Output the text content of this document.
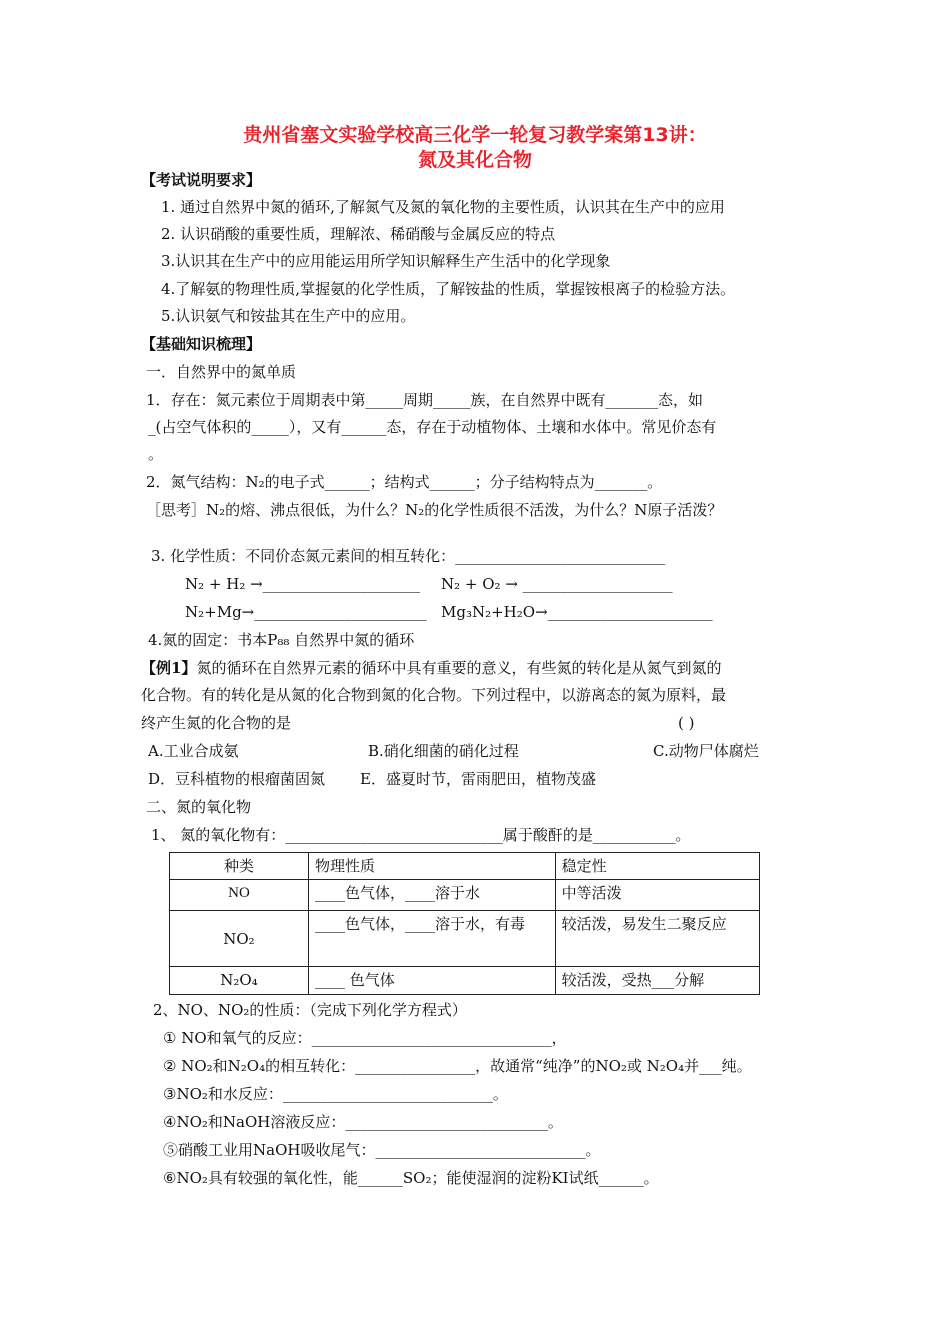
贵州省塞文实验学校高三化学一轮复习教学案第13讲：
氮及其化合物
【考试说明要求】
1. 通过自然界中氮的循环,了解氮气及氮的氧化物的主要性质，认识其在生产中的应用
2. 认识硝酸的重要性质，理解浓、稀硝酸与金属反应的特点
3.认识其在生产中的应用能运用所学知识解释生产生活中的化学现象
4.了解氨的物理性质,掌握氨的化学性质，了解铵盐的性质，掌握铵根离子的检验方法。
5.认识氨气和铵盐其在生产中的应用。
【基础知识梳理】
一．自然界中的氮单质
1．存在：氮元素位于周期表中第_____周期_____族，在自然界中既有_______态，如
_(占空气体积的_____），又有______态，存在于动植物体、土壤和水体中。常见价态有
。
2．氮气结构：N₂的电子式______；结构式______；分子结构特点为_______。
［思考］N₂的熔、沸点很低，为什么？N₂的化学性质很不活泼，为什么？N原子活泼？
3. 化学性质：不同价态氮元素间的相互转化：____________________________
N₂ + H₂ →_____________________ N₂ + O₂ → ____________________
N₂+Mg→_______________________ Mg₃N₂+H₂O→______________________
4.氮的固定：书本P₈₈ 自然界中氮的循环
【例1】氮的循环在自然界元素的循环中具有重要的意义，有些氮的转化是从氮气到氮的
化合物。有的转化是从氮的化合物到氮的化合物。下列过程中，以游离态的氮为原料，最
终产生氮的化合物的是	( )
A.工业合成氨	B.硝化细菌的硝化过程	C.动物尸体腐烂
D．豆科植物的根瘤菌固氮 E．盛夏时节，雷雨肥田，植物茂盛
二、氮的氧化物
1、 氮的氧化物有：_____________________________属于酸酐的是___________。
种类	物理性质	稳定性
NO	____色气体，____溶于水	中等活泼
NO₂	____色气体，____溶于水，有毒	较活泼，易发生二聚反应
N₂O₄	____ 色气体	较活泼，受热___分解
2、NO、NO₂的性质：（完成下列化学方程式）
① NO和氧气的反应：________________________________，
② NO₂和N₂O₄的相互转化：________________，故通常“纯净”的NO₂或 N₂O₄并___纯。
③NO₂和水反应：____________________________。
④NO₂和NaOH溶液反应：___________________________。
⑤硝酸工业用NaOH吸收尾气：____________________________。
⑥NO₂具有较强的氧化性，能______SO₂；能使湿润的淀粉KI试纸______。
